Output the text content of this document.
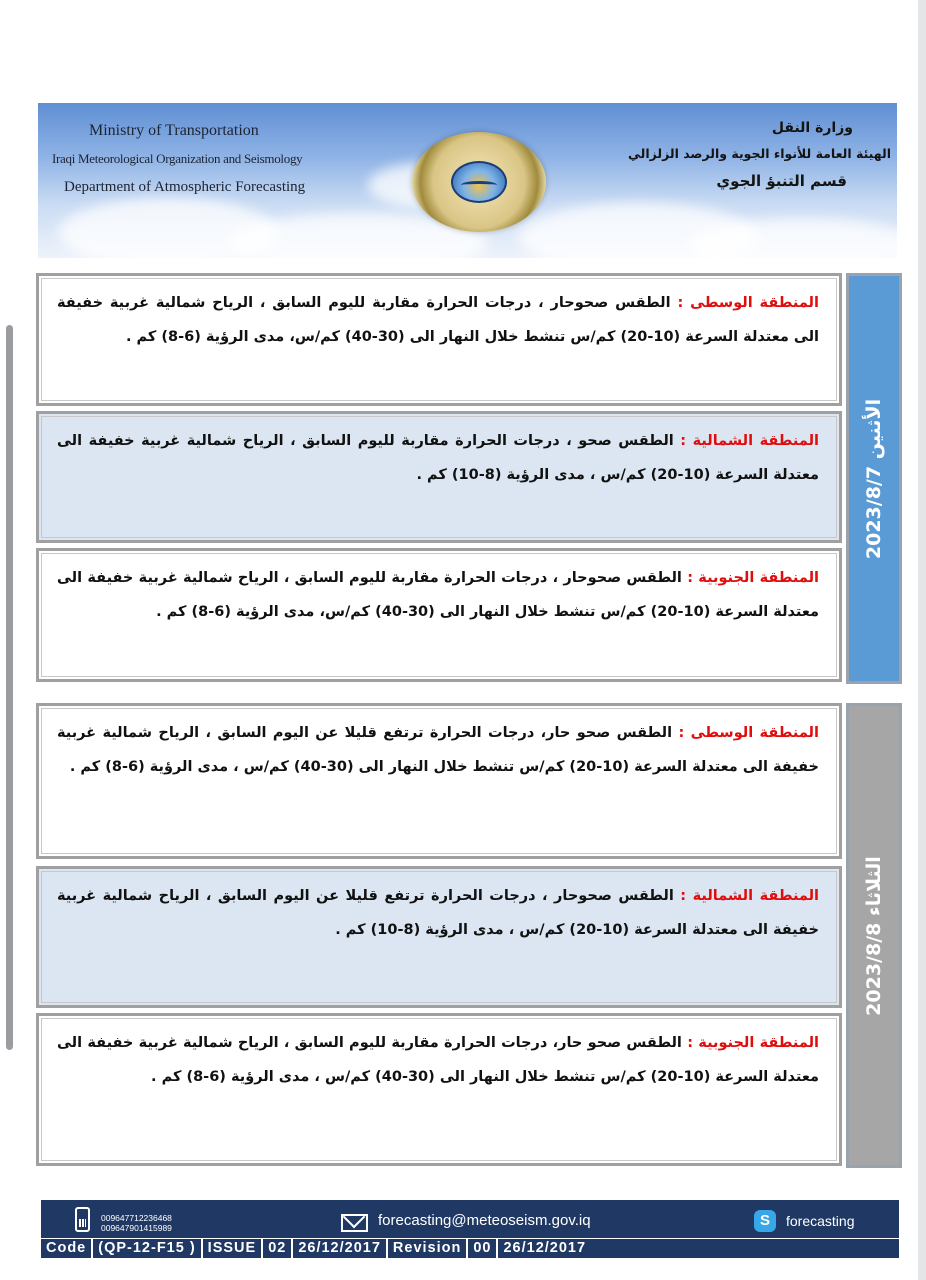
Ministry of Transportation
Iraqi Meteorological Organization and Seismology
Department of Atmospheric Forecasting
وزارة النقل
الهيئة العامة للأنواء الجوية والرصد الزلزالي
قسم التنبؤ الجوي
المنطقة الوسطى : الطقس صحوحار ، درجات الحرارة مقاربة لليوم السابق ، الرياح شمالية غربية خفيفة الى معتدلة السرعة (10-20) كم/س تنشط خلال النهار الى (30-40) كم/س، مدى الرؤية (6-8) كم .
المنطقة الشمالية : الطقس صحو ، درجات الحرارة مقاربة لليوم السابق ، الرياح شمالية غربية خفيفة الى معتدلة السرعة (10-20) كم/س ، مدى الرؤية (8-10) كم .
المنطقة الجنوبية : الطقس صحوحار ، درجات الحرارة مقاربة لليوم السابق ، الرياح شمالية غربية خفيفة الى معتدلة السرعة (10-20) كم/س تنشط خلال النهار الى (30-40) كم/س، مدى الرؤية (6-8) كم .
الأثنين 2023/8/7
المنطقة الوسطى : الطقس صحو حار، درجات الحرارة ترتفع قليلا عن اليوم السابق ، الرياح شمالية غربية خفيفة الى معتدلة السرعة (10-20) كم/س تنشط خلال النهار الى (30-40) كم/س ، مدى الرؤية (6-8) كم .
المنطقة الشمالية : الطقس صحوحار ، درجات الحرارة ترتفع قليلا عن اليوم السابق ، الرياح شمالية غربية خفيفة الى معتدلة السرعة (10-20) كم/س ، مدى الرؤية (8-10) كم .
المنطقة الجنوبية : الطقس صحو حار، درجات الحرارة مقاربة لليوم السابق ، الرياح شمالية غربية خفيفة الى معتدلة السرعة (10-20) كم/س تنشط خلال النهار الى (30-40) كم/س ، مدى الرؤية (6-8) كم .
الثلاثاء 2023/8/8
009647712236468
009647901415989	forecasting@meteoseism.gov.iq	S	forecasting
Code (QP-12-F15 ) ISSUE 02 26/12/2017 Revision 00 26/12/2017
